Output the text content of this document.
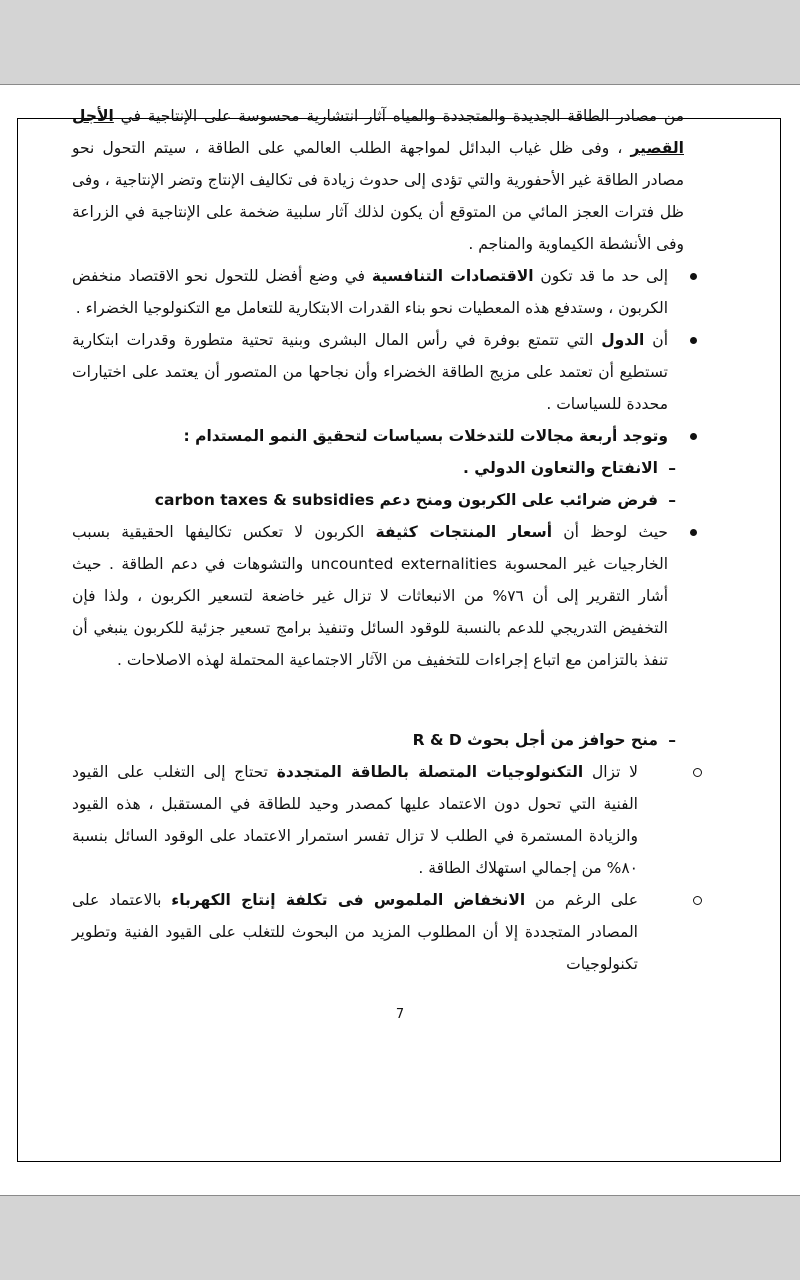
من مصادر الطاقة الجديدة والمتجددة والمياه آثار انتشارية محسوسة على الإنتاجية في الأجل القصير ، وفى ظل غياب البدائل لمواجهة الطلب العالمي على الطاقة ، سيتم التحول نحو مصادر الطاقة غير الأحفورية والتي تؤدى إلى حدوث زيادة فى تكاليف الإنتاج وتضر الإنتاجية ، وفى ظل فترات العجز المائي من المتوقع أن يكون لذلك آثار سلبية ضخمة على الإنتاجية في الزراعة وفى الأنشطة الكيماوية والمناجم .

إلى حد ما قد تكون الاقتصادات التنافسية في وضع أفضل للتحول نحو الاقتصاد منخفض الكربون ، وستدفع هذه المعطيات نحو بناء القدرات الابتكارية للتعامل مع التكنولوجيا الخضراء .
أن الدول التي تتمتع بوفرة في رأس المال البشرى وبنية تحتية متطورة وقدرات ابتكارية تستطيع أن تعتمد على مزيج الطاقة الخضراء وأن نجاحها من المتصور أن يعتمد على اختيارات محددة للسياسات .
وتوجد أربعة مجالات للتدخلات بسياسات لتحقيق النمو المستدام :
–
الانفتاح والتعاون الدولي .
–
فرض ضرائب على الكربون ومنح دعم carbon taxes & subsidies
حيث لوحظ أن أسعار المنتجات كثيفة الكربون لا تعكس تكاليفها الحقيقية بسبب الخارجيات غير المحسوبة uncounted externalities والتشوهات في دعم الطاقة . حيث أشار التقرير إلى أن ٧٦% من الانبعاثات لا تزال غير خاضعة لتسعير الكربون ، ولذا فإن التخفيض التدريجي للدعم بالنسبة للوقود السائل وتنفيذ برامج تسعير جزئية للكربون ينبغي أن تنفذ بالتزامن مع اتباع إجراءات للتخفيف من الآثار الاجتماعية المحتملة لهذه الاصلاحات .
–
منح حوافز من أجل بحوث R & D
لا تزال التكنولوجيات المتصلة بالطاقة المتجددة تحتاج إلى التغلب على القيود الفنية التي تحول دون الاعتماد عليها كمصدر وحيد للطاقة في المستقبل ، هذه القيود والزيادة المستمرة في الطلب لا تزال تفسر استمرار الاعتماد على الوقود السائل بنسبة ٨٠% من إجمالي استهلاك الطاقة .
على الرغم من الانخفاض الملموس فى تكلفة إنتاج الكهرباء بالاعتماد على المصادر المتجددة إلا أن المطلوب المزيد من البحوث للتغلب على القيود الفنية وتطوير تكنولوجيات
7
